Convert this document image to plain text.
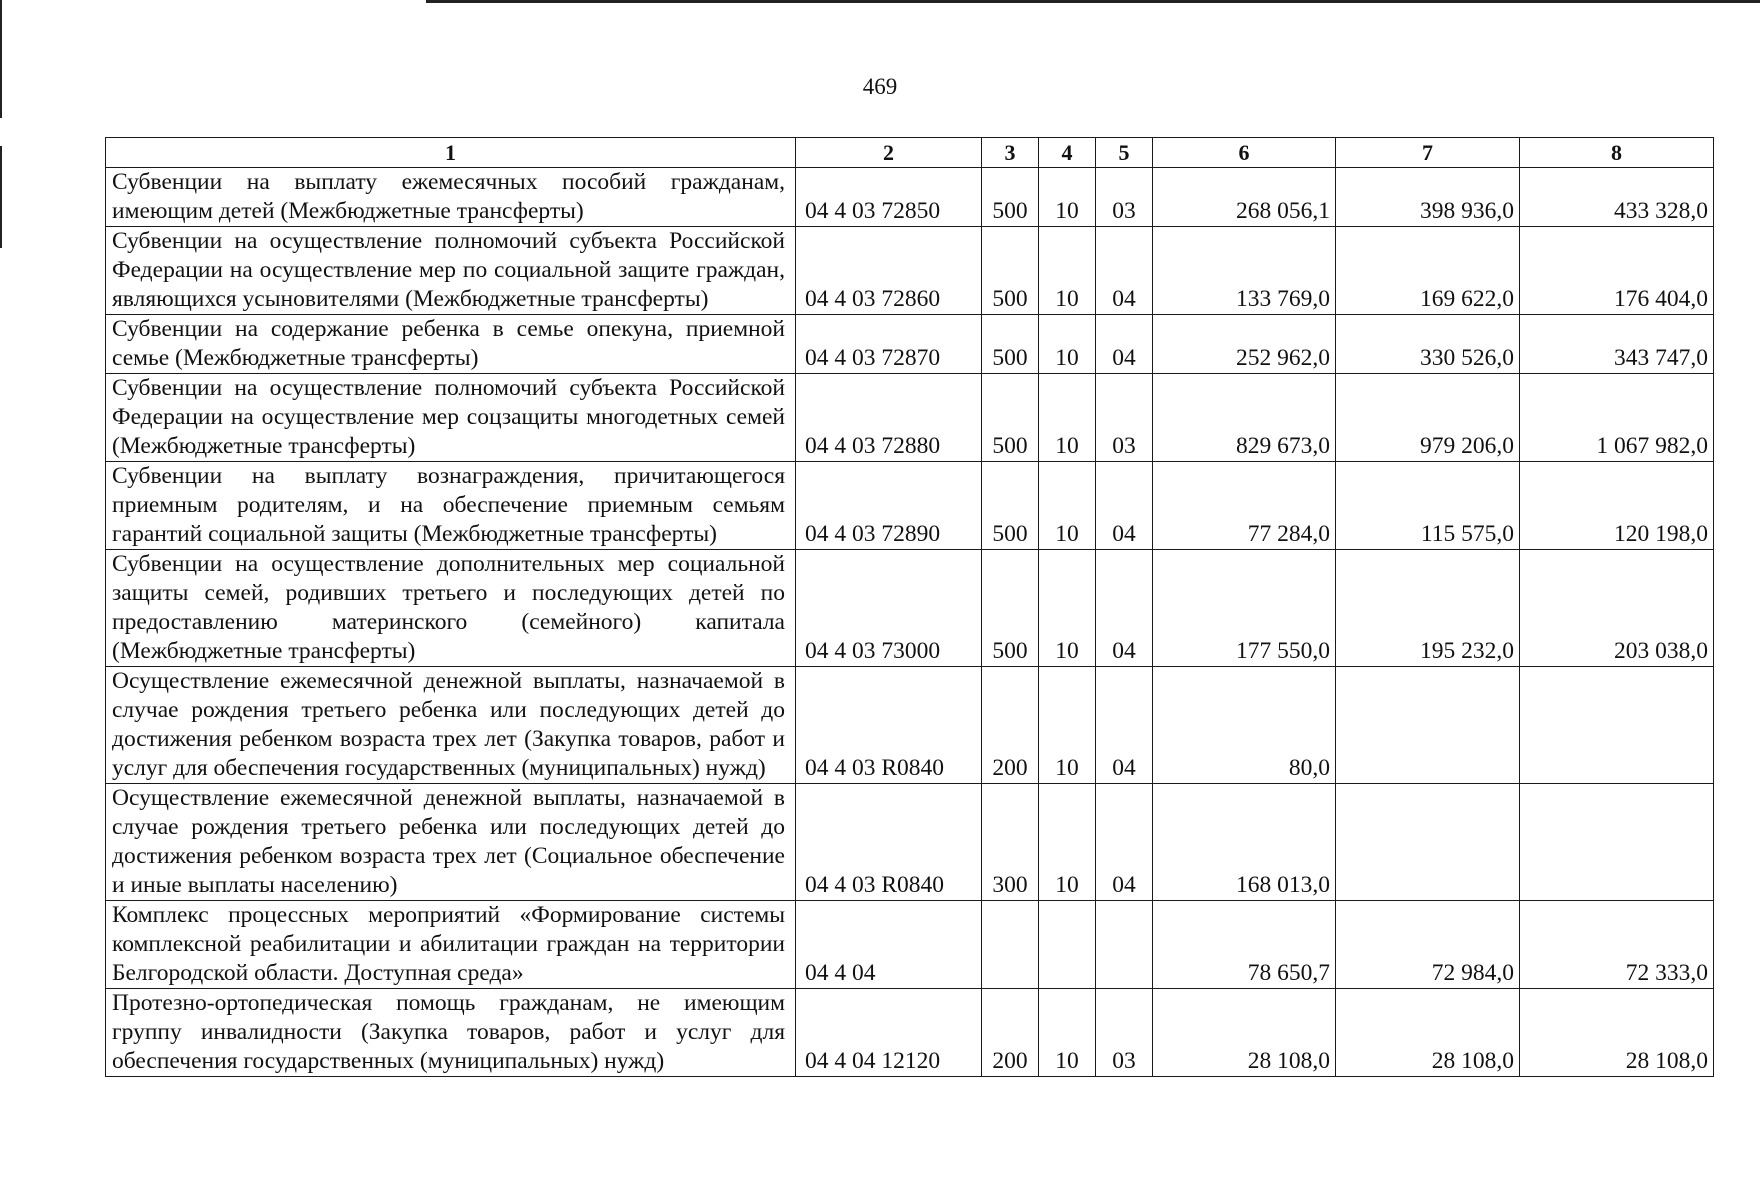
469
1	2	3	4	5	6	7	8
Субвенции на выплату ежемесячных пособий гражданам, имеющим детей (Межбюджетные трансферты)	04 4 03 72850	500	10	03	268 056,1	398 936,0	433 328,0
Субвенции на осуществление полномочий субъекта Российской Федерации на осуществление мер по социальной защите граждан, являющихся усыновителями (Межбюджетные трансферты)	04 4 03 72860	500	10	04	133 769,0	169 622,0	176 404,0
Субвенции на содержание ребенка в семье опекуна, приемной семье (Межбюджетные трансферты)	04 4 03 72870	500	10	04	252 962,0	330 526,0	343 747,0
Субвенции на осуществление полномочий субъекта Российской Федерации на осуществление мер соцзащиты многодетных семей (Межбюджетные трансферты)	04 4 03 72880	500	10	03	829 673,0	979 206,0	1 067 982,0
Субвенции на выплату вознаграждения, причитающегося приемным родителям, и на обеспечение приемным семьям гарантий социальной защиты (Межбюджетные трансферты)	04 4 03 72890	500	10	04	77 284,0	115 575,0	120 198,0
Субвенции на осуществление дополнительных мер социальной защиты семей, родивших третьего и последующих детей по предоставлению материнского (семейного) капитала (Межбюджетные трансферты)	04 4 03 73000	500	10	04	177 550,0	195 232,0	203 038,0
Осуществление ежемесячной денежной выплаты, назначаемой в случае рождения третьего ребенка или последующих детей до достижения ребенком возраста трех лет (Закупка товаров, работ и услуг для обеспечения государственных (муниципальных) нужд)	04 4 03 R0840	200	10	04	80,0		
Осуществление ежемесячной денежной выплаты, назначаемой в случае рождения третьего ребенка или последующих детей до достижения ребенком возраста трех лет (Социальное обеспечение и иные выплаты населению)	04 4 03 R0840	300	10	04	168 013,0		
Комплекс процессных мероприятий «Формирование системы комплексной реабилитации и абилитации граждан на территории Белгородской области. Доступная среда»	04 4 04				78 650,7	72 984,0	72 333,0
Протезно-ортопедическая помощь гражданам, не имеющим группу инвалидности (Закупка товаров, работ и услуг для обеспечения государственных (муниципальных) нужд)	04 4 04 12120	200	10	03	28 108,0	28 108,0	28 108,0
